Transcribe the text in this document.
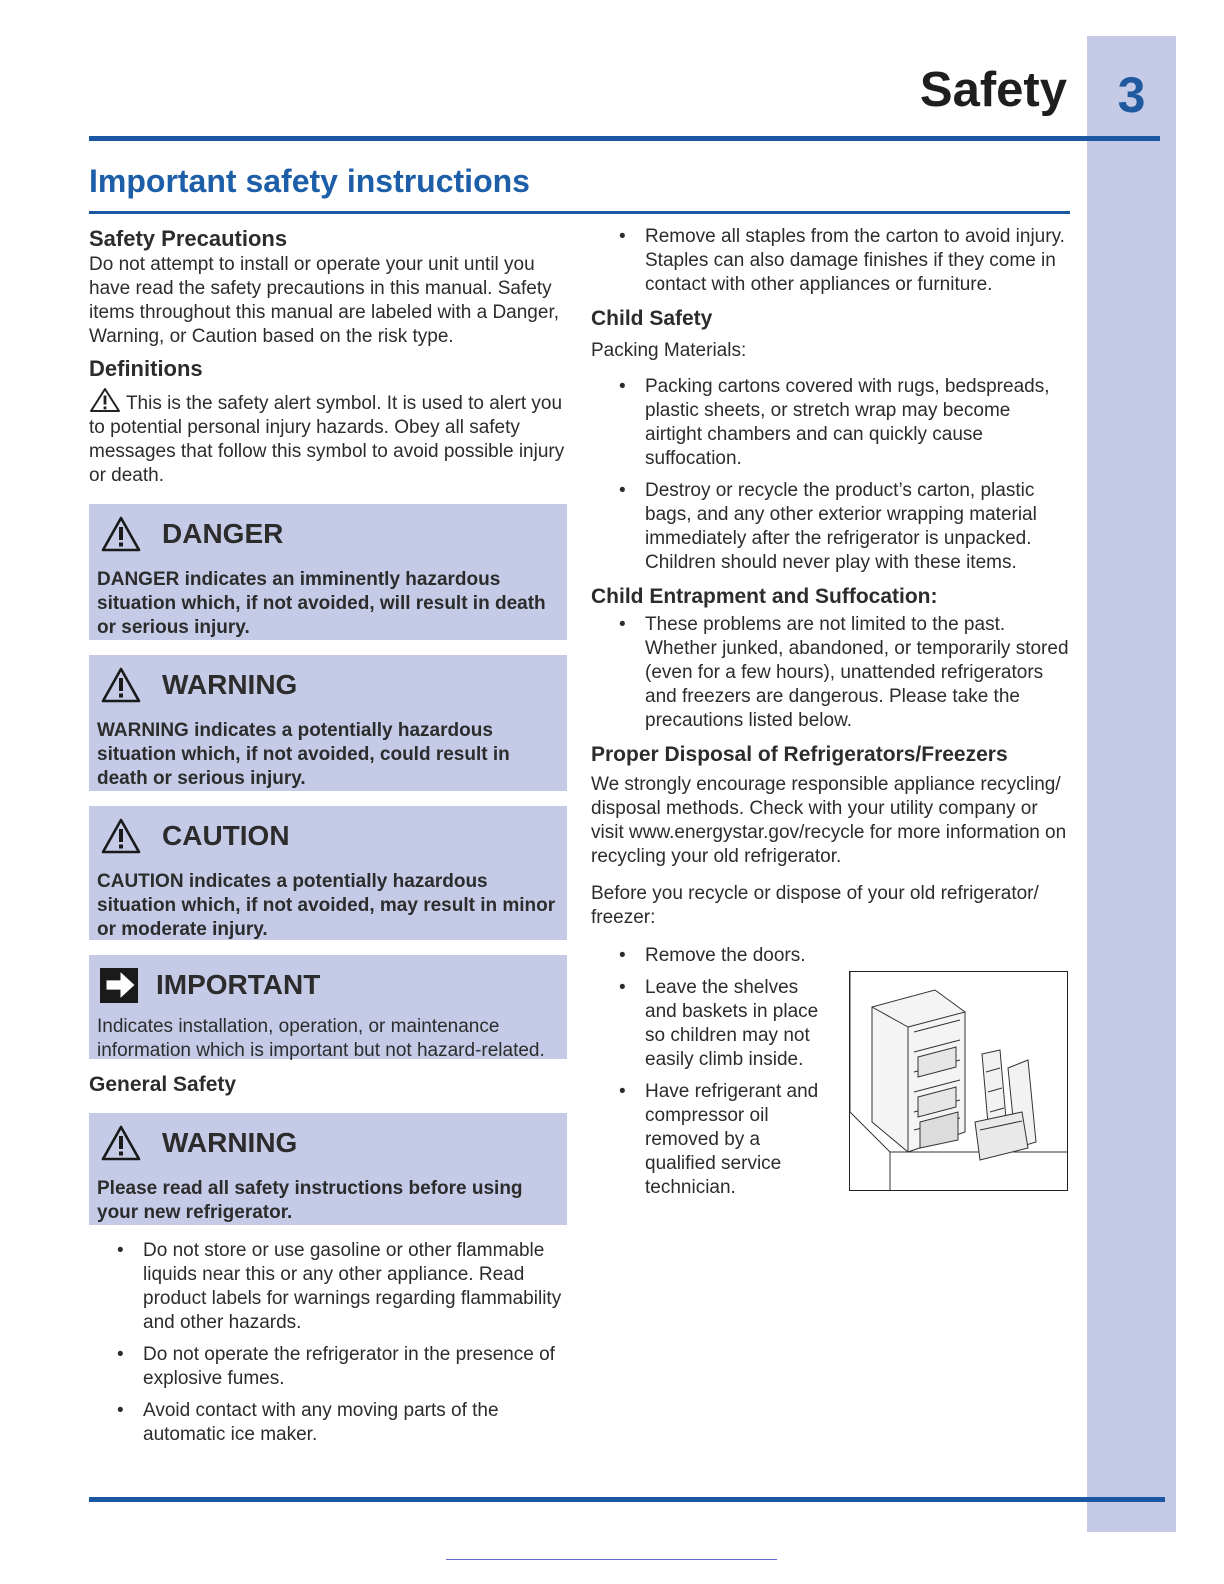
3
Safety
Important safety instructions
Safety Precautions

Do not attempt to install or operate your unit until you have read the safety precautions in this manual. Safety items throughout this manual are labeled with a Danger, Warning, or Caution based on the risk type.

Definitions

This is the safety alert symbol. It is used to alert you to potential personal injury hazards. Obey all safety messages that follow this symbol to avoid possible injury or death.

DANGER
DANGER indicates an imminently hazardous situation which, if not avoided, will result in death or serious injury.
WARNING
WARNING indicates a potentially hazardous situation which, if not avoided, could result in death or serious injury.
CAUTION
CAUTION indicates a potentially hazardous situation which, if not avoided, may result in minor or moderate injury.
IMPORTANT
Indicates installation, operation, or maintenance information which is important but not hazard-related.
General Safety
WARNING
Please read all safety instructions before using your new refrigerator.
• Do not store or use gasoline or other flammable liquids near this or any other appliance. Read product labels for warnings regarding flammability and other hazards.
• Do not operate the refrigerator in the presence of explosive fumes.
• Avoid contact with any moving parts of the automatic ice maker.
• Remove all staples from the carton to avoid injury. Staples can also damage finishes if they come in contact with other appliances or furniture.
Child Safety

Packing Materials:

• Packing cartons covered with rugs, bedspreads, plastic sheets, or stretch wrap may become airtight chambers and can quickly cause suffocation.
• Destroy or recycle the product’s carton, plastic bags, and any other exterior wrapping material immediately after the refrigerator is unpacked. Children should never play with these items.
Child Entrapment and Suffocation:
• These problems are not limited to the past. Whether junked, abandoned, or temporarily stored (even for a few hours), unattended refrigerators and freezers are dangerous. Please take the precautions listed below.
Proper Disposal of Refrigerators/Freezers

We strongly encourage responsible appliance recycling/ disposal methods. Check with your utility company or visit www.energystar.gov/recycle for more information on recycling your old refrigerator.

Before you recycle or dispose of your old refrigerator/ freezer:

• Remove the doors.
• Leave the shelves and baskets in place so children may not easily climb inside.
• Have refrigerant and compressor oil removed by a qualified service technician.
